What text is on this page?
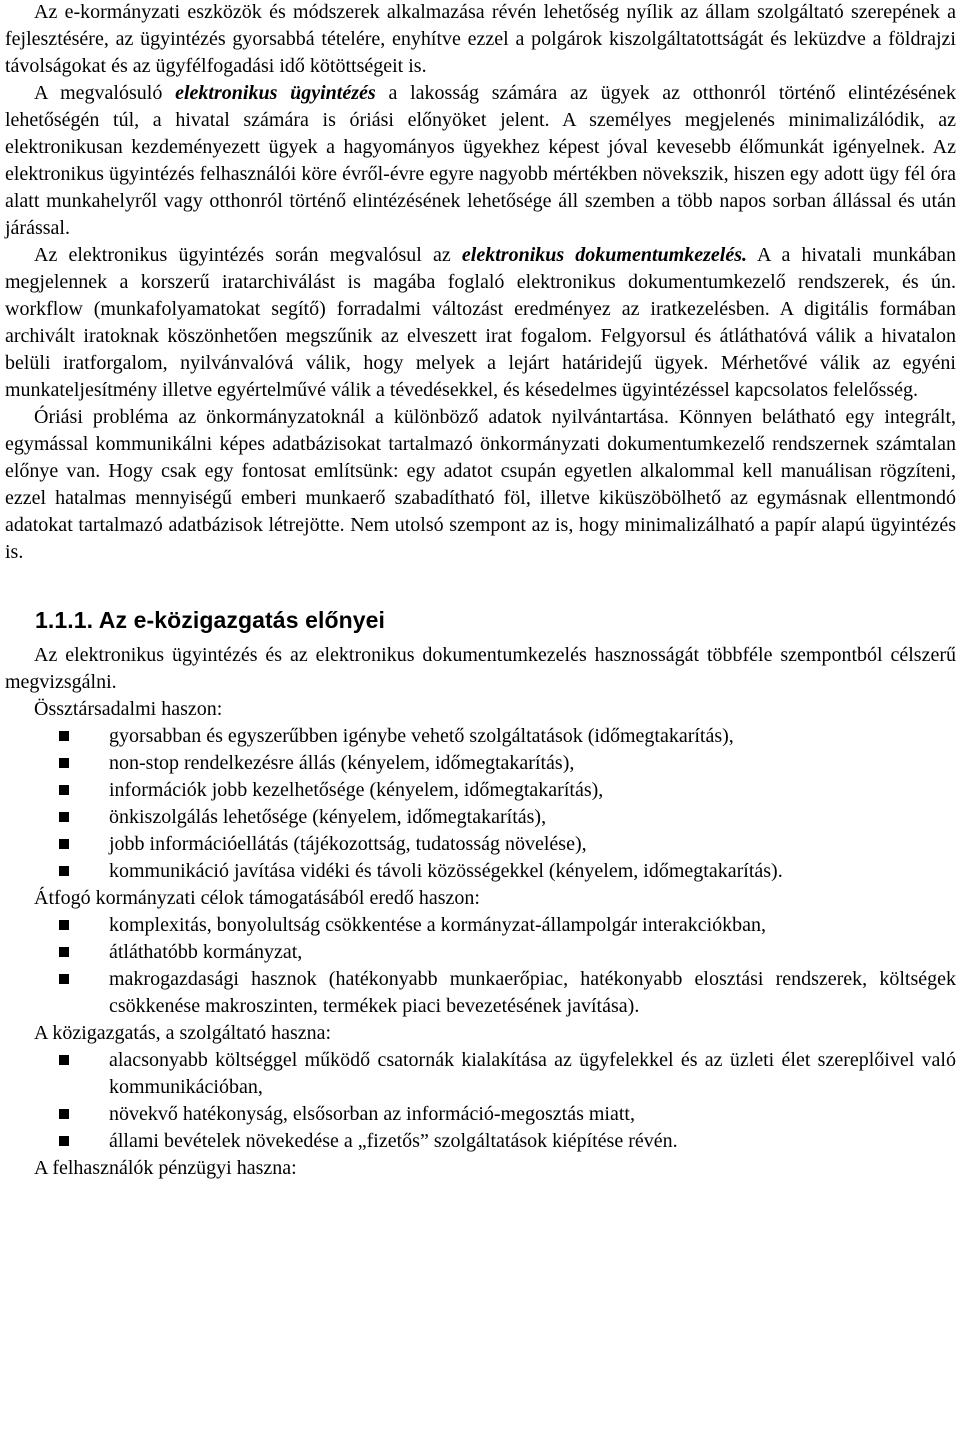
Az e-kormányzati eszközök és módszerek alkalmazása révén lehetőség nyílik az állam szolgáltató szerepének a fejlesztésére, az ügyintézés gyorsabbá tételére, enyhítve ezzel a polgárok kiszolgáltatottságát és leküzdve a földrajzi távolságokat és az ügyfélfogadási idő kötöttségeit is.

A megvalósuló elektronikus ügyintézés a lakosság számára az ügyek az otthonról történő elintézésének lehetőségén túl, a hivatal számára is óriási előnyöket jelent. A személyes megjelenés minimalizálódik, az elektronikusan kezdeményezett ügyek a hagyományos ügyekhez képest jóval kevesebb élőmunkát igényelnek. Az elektronikus ügyintézés felhasználói köre évről-évre egyre nagyobb mértékben növekszik, hiszen egy adott ügy fél óra alatt munkahelyről vagy otthonról történő elintézésének lehetősége áll szemben a több napos sorban állással és után járással.

Az elektronikus ügyintézés során megvalósul az elektronikus dokumentumkezelés. A a hivatali munkában megjelennek a korszerű iratarchiválást is magába foglaló elektronikus dokumentumkezelő rendszerek, és ún. workflow (munkafolyamatokat segítő) forradalmi változást eredményez az iratkezelésben. A digitális formában archivált iratoknak köszönhetően megszűnik az elveszett irat fogalom. Felgyorsul és átláthatóvá válik a hivatalon belüli iratforgalom, nyilvánvalóvá válik, hogy melyek a lejárt határidejű ügyek. Mérhetővé válik az egyéni munkateljesítmény illetve egyértelművé válik a tévedésekkel, és késedelmes ügyintézéssel kapcsolatos felelősség.

Óriási probléma az önkormányzatoknál a különböző adatok nyilvántartása. Könnyen belátható egy integrált, egymással kommunikálni képes adatbázisokat tartalmazó önkormányzati dokumentumkezelő rendszernek számtalan előnye van. Hogy csak egy fontosat említsünk: egy adatot csupán egyetlen alkalommal kell manuálisan rögzíteni, ezzel hatalmas mennyiségű emberi munkaerő szabadítható föl, illetve kiküszöbölhető az egymásnak ellentmondó adatokat tartalmazó adatbázisok létrejötte. Nem utolsó szempont az is, hogy minimalizálható a papír alapú ügyintézés is.

1.1.1. Az e-közigazgatás előnyei

Az elektronikus ügyintézés és az elektronikus dokumentumkezelés hasznosságát többféle szempontból célszerű megvizsgálni.

Össztársadalmi haszon:

gyorsabban és egyszerűbben igénybe vehető szolgáltatások (időmegtakarítás),
non-stop rendelkezésre állás (kényelem, időmegtakarítás),
információk jobb kezelhetősége (kényelem, időmegtakarítás),
önkiszolgálás lehetősége (kényelem, időmegtakarítás),
jobb információellátás (tájékozottság, tudatosság növelése),
kommunikáció javítása vidéki és távoli közösségekkel (kényelem, időmegtakarítás).

Átfogó kormányzati célok támogatásából eredő haszon:

komplexitás, bonyolultság csökkentése a kormányzat-állampolgár interakciókban,
átláthatóbb kormányzat,
makrogazdasági hasznok (hatékonyabb munkaerőpiac, hatékonyabb elosztási rendszerek, költségek csökkenése makroszinten, termékek piaci bevezetésének javítása).

A közigazgatás, a szolgáltató haszna:

alacsonyabb költséggel működő csatornák kialakítása az ügyfelekkel és az üzleti élet szereplőivel való kommunikációban,
növekvő hatékonyság, elsősorban az információ-megosztás miatt,
állami bevételek növekedése a „fizetős” szolgáltatások kiépítése révén.

A felhasználók pénzügyi haszna:
